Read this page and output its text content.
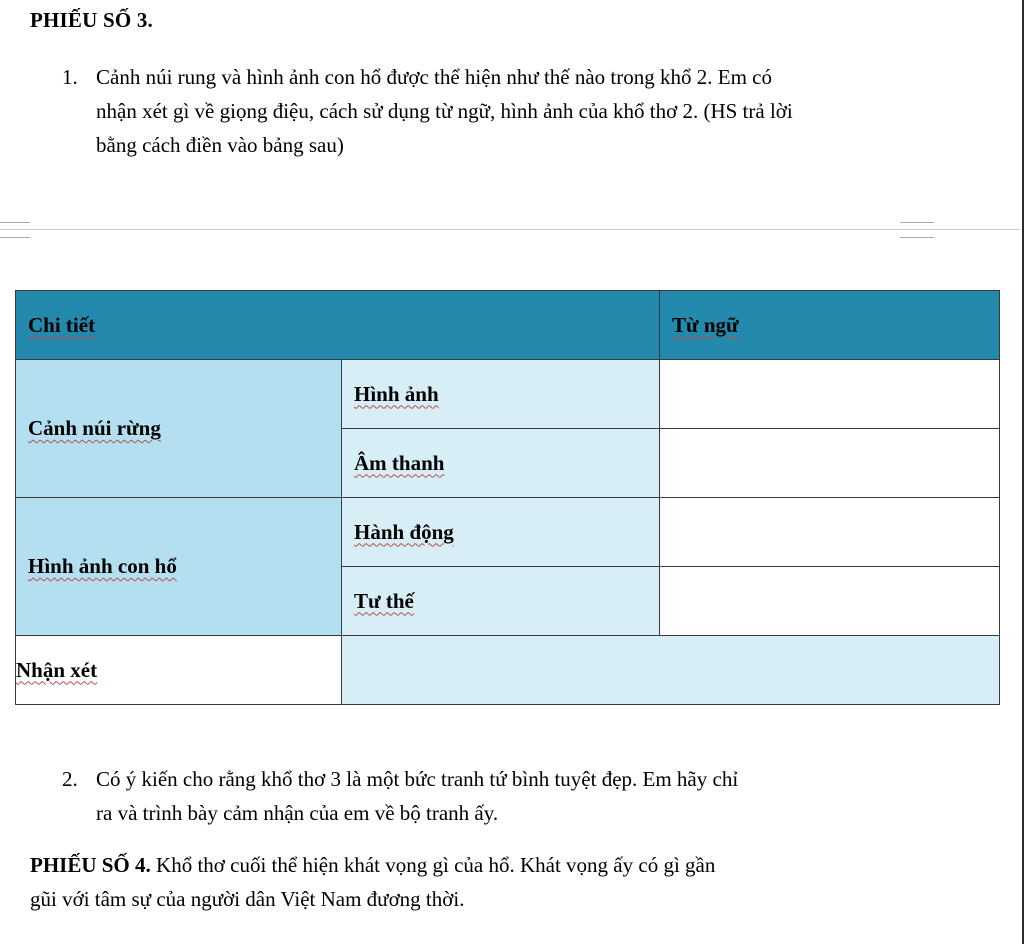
PHIẾU SỐ 3.
1. Cảnh núi rung và hình ảnh con hổ được thể hiện như thế nào trong khổ 2. Em có
nhận xét gì về giọng điệu, cách sử dụng từ ngữ, hình ảnh của khổ thơ 2. (HS trả lời
bằng cách điền vào bảng sau)
Chi tiết		Từ ngữ
Cảnh núi rừng	Hình ảnh	
	Âm thanh	
Hình ảnh con hổ	Hành động	
	Tư thế	
Nhận xét		
2. Có ý kiến cho rằng khổ thơ 3 là một bức tranh tứ bình tuyệt đẹp. Em hãy chỉ
ra và trình bày cảm nhận của em về bộ tranh ấy.
PHIẾU SỐ 4. Khổ thơ cuối thể hiện khát vọng gì của hổ. Khát vọng ấy có gì gần
gũi với tâm sự của người dân Việt Nam đương thời.
